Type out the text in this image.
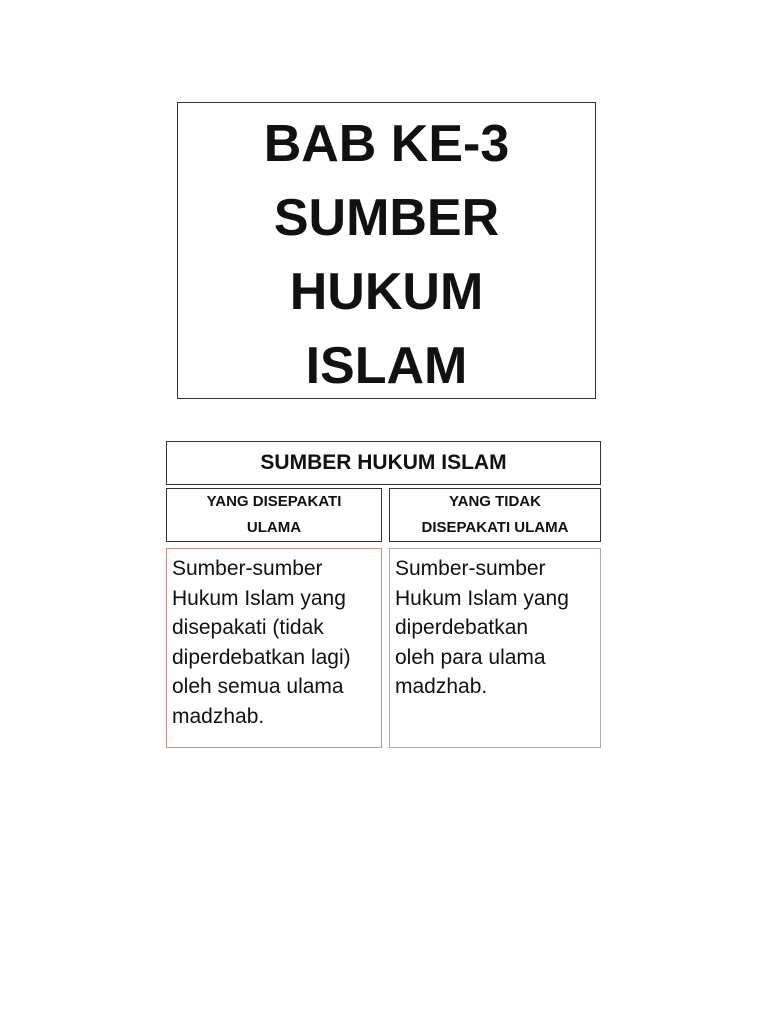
BAB KE-3
SUMBER
HUKUM
ISLAM
SUMBER HUKUM ISLAM
YANG DISEPAKATI
ULAMA
YANG TIDAK
DISEPAKATI ULAMA
Sumber-sumber
Hukum Islam yang
disepakati (tidak
diperdebatkan lagi)
oleh semua ulama
madzhab.
Sumber-sumber
Hukum Islam yang
diperdebatkan
oleh para ulama
madzhab.
